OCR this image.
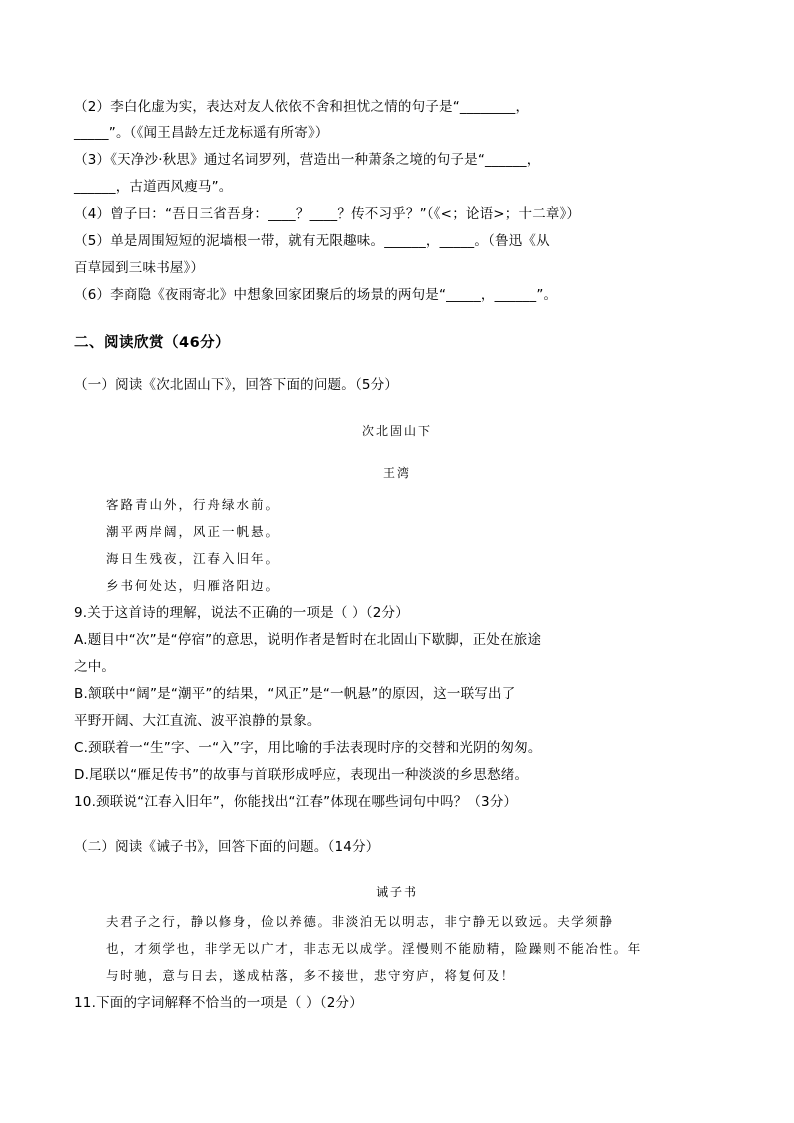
（2）李白化虚为实，表达对友人依依不舍和担忧之情的句子是“________，
_____”。（《闻王昌龄左迁龙标遥有所寄》）
（3）《天净沙·秋思》通过名词罗列，营造出一种萧条之境的句子是“______，
______，古道西风瘦马”。
（4）曾子曰：“吾日三省吾身：____？____？传不习乎？”（《<；论语>；十二章》）
（5）单是周围短短的泥墙根一带，就有无限趣味。______，_____。（鲁迅《从
百草园到三味书屋》）
（6）李商隐《夜雨寄北》中想象回家团聚后的场景的两句是“_____，______”。
二、阅读欣赏（46分）
（一）阅读《次北固山下》，回答下面的问题。（5分）
次北固山下
王湾
客路青山外，行舟绿水前。
潮平两岸阔，风正一帆悬。
海日生残夜，江春入旧年。
乡书何处达，归雁洛阳边。
9.关于这首诗的理解，说法不正确的一项是（ ）（2分）
A.题目中“次”是“停宿”的意思，说明作者是暂时在北固山下歇脚，正处在旅途
之中。
B.颔联中“阔”是“潮平”的结果，“风正”是“一帆悬”的原因，这一联写出了
平野开阔、大江直流、波平浪静的景象。
C.颈联着一“生”字、一“入”字，用比喻的手法表现时序的交替和光阴的匆匆。
D.尾联以“雁足传书”的故事与首联形成呼应，表现出一种淡淡的乡思愁绪。
10.颈联说“江春入旧年”，你能找出“江春”体现在哪些词句中吗？（3分）
（二）阅读《诫子书》，回答下面的问题。（14分）
诫子书
夫君子之行，静以修身，俭以养德。非淡泊无以明志，非宁静无以致远。夫学须静
也，才须学也，非学无以广才，非志无以成学。淫慢则不能励精，险躁则不能冶性。年
与时驰，意与日去，遂成枯落，多不接世，悲守穷庐，将复何及！
11.下面的字词解释不恰当的一项是（ ）（2分）
